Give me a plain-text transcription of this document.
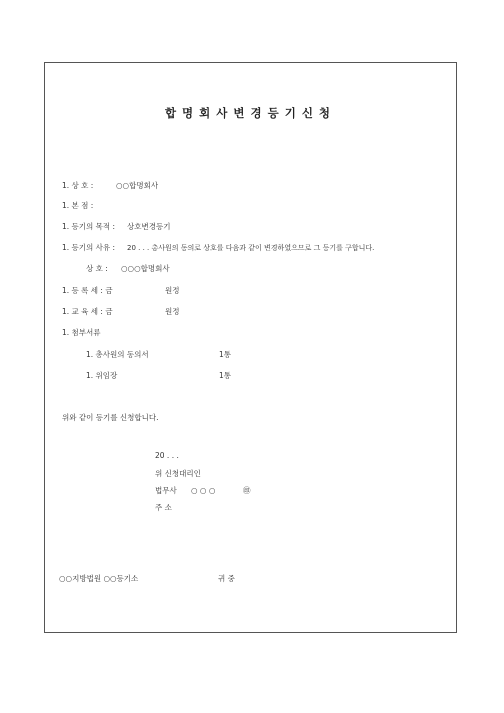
합명회사변경등기신청
1. 상 호 :	○○합명회사
1. 본 점 :
1. 등기의 목적 : 상호변경등기
1. 등기의 사유 : 20 . . . 총사원의 동의로 상호를 다음과 같이 변경하였으므로 그 등기를 구합니다.
상 호 : ○○○합명회사
1. 등 록 세 : 금	원정
1. 교 육 세 : 금	원정
1. 첨부서류
1. 총사원의 동의서	1통
1. 위임장	1통
위와 같이 등기를 신청합니다.
20 . . .
위 신청대리인
법무사 ○ ○ ○	㊞
주 소
○○지방법원 ○○등기소	귀 중
